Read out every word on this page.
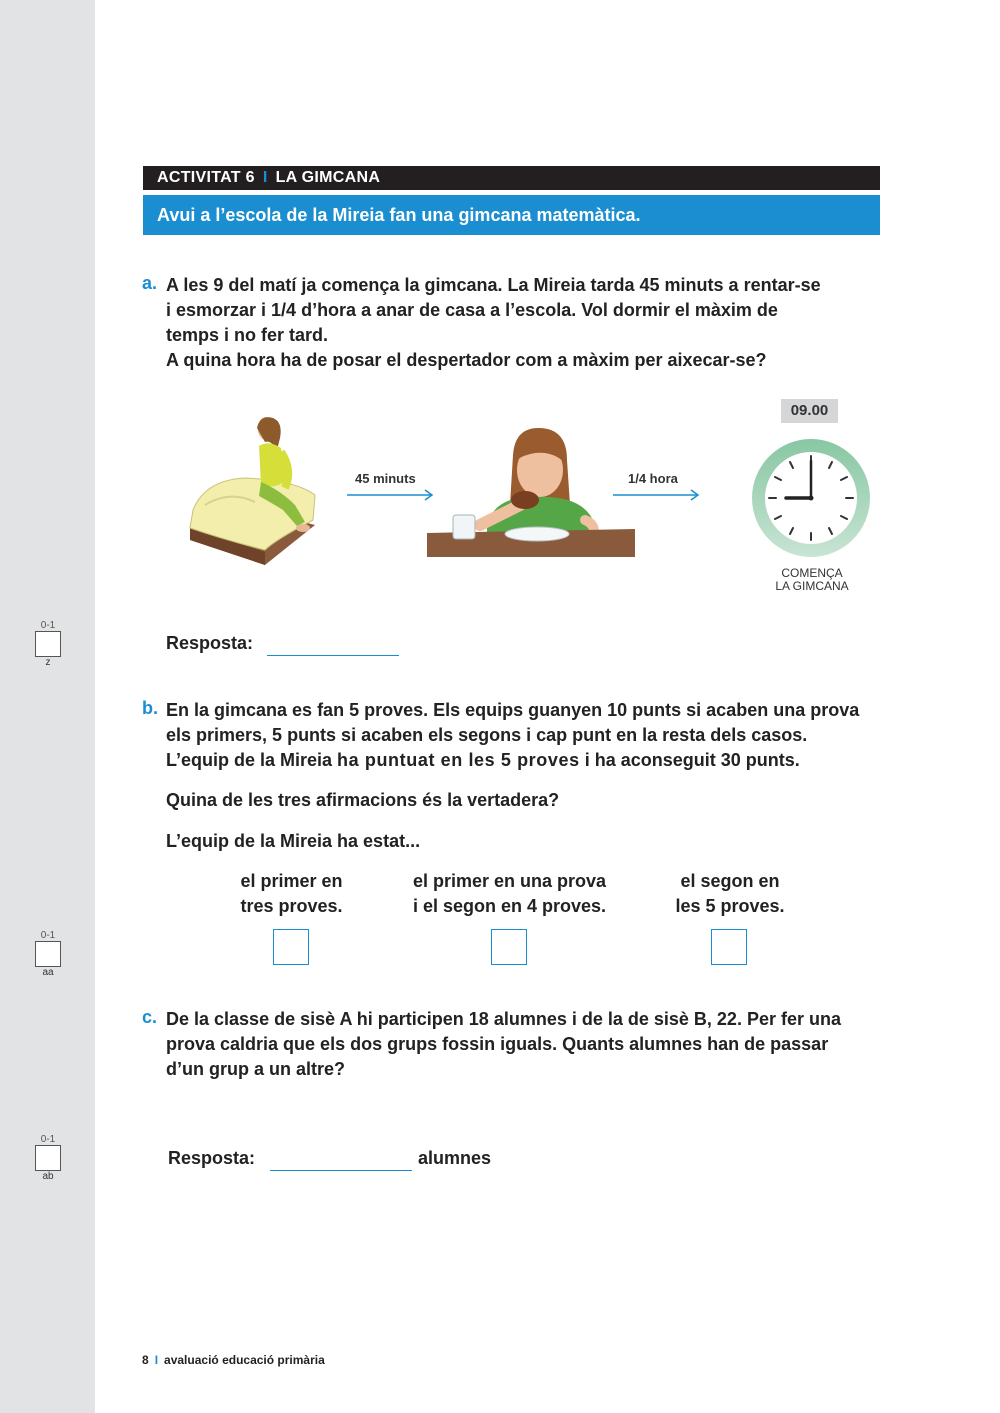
0-1
z
0-1
aa
0-1
ab
ACTIVITAT 6 I LA GIMCANA
Avui a l’escola de la Mireia fan una gimcana matemàtica.
a. A les 9 del matí ja comença la gimcana. La Mireia tarda 45 minuts a rentar-se

i esmorzar i 1/4 d’hora a anar de casa a l’escola. Vol dormir el màxim de

temps i no fer tard.

A quina hora ha de posar el despertador com a màxim per aixecar-se?

45 minuts	1/4 hora
09.00
COMENÇA
LA GIMCANA
Resposta:
b. En la gimcana es fan 5 proves. Els equips guanyen 10 punts si acaben una prova

els primers, 5 punts si acaben els segons i cap punt en la resta dels casos.

L’equip de la Mireia ha puntuat en les 5 proves i ha aconseguit 30 punts.

Quina de les tres afirmacions és la vertadera?
L’equip de la Mireia ha estat...
el primer en
tres proves.
el primer en una prova
i el segon en 4 proves.
el segon en
les 5 proves.
c. De la classe de sisè A hi participen 18 alumnes i de la de sisè B, 22. Per fer una

prova caldria que els dos grups fossin iguals. Quants alumnes han de passar

d’un grup a un altre?

Resposta:	alumnes
8 I avaluació educació primària
